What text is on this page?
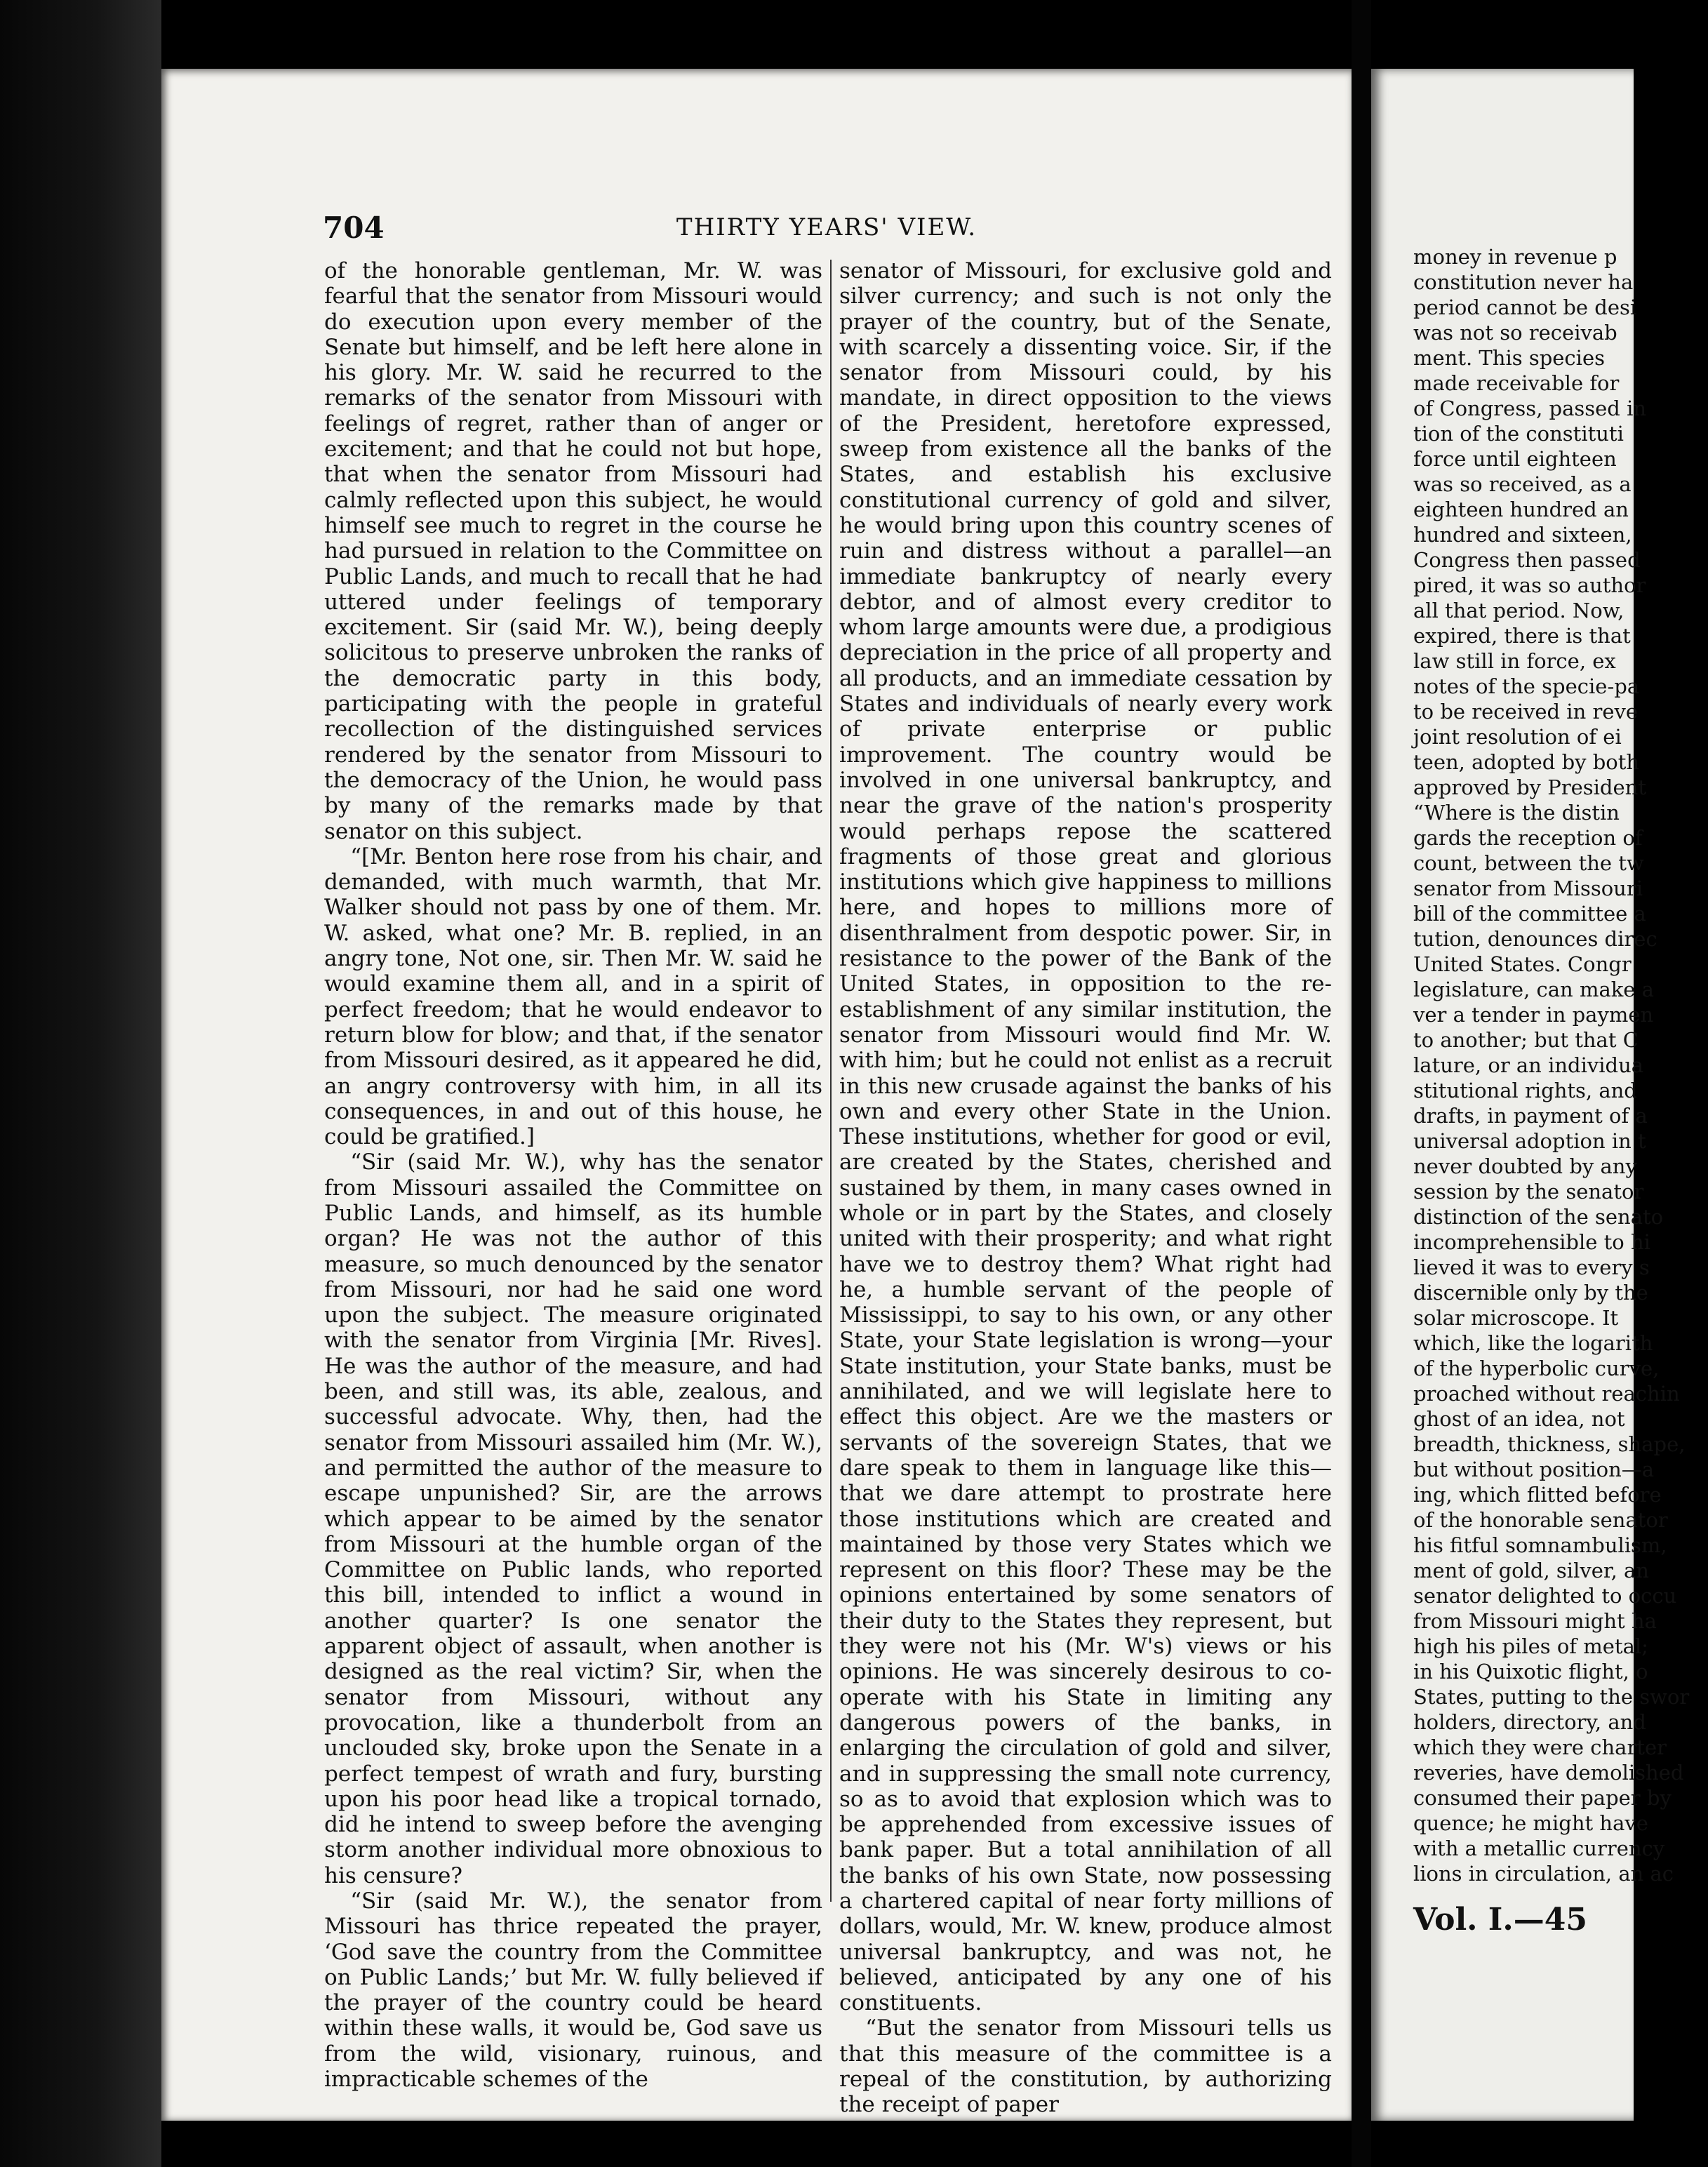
704	THIRTY YEARS' VIEW.

of the honorable gentleman, Mr. W. was fearful that the senator from Missouri would do execution upon every member of the Senate but himself, and be left here alone in his glory. Mr. W. said he recurred to the remarks of the senator from Missouri with feelings of regret, rather than of anger or excitement; and that he could not but hope, that when the senator from Missouri had calmly reflected upon this subject, he would himself see much to regret in the course he had pursued in relation to the Committee on Public Lands, and much to recall that he had uttered under feelings of temporary excitement. Sir (said Mr. W.), being deeply solicitous to preserve unbroken the ranks of the democratic party in this body, participating with the people in grateful recollection of the distinguished services rendered by the senator from Missouri to the democracy of the Union, he would pass by many of the remarks made by that senator on this subject.

“[Mr. Benton here rose from his chair, and demanded, with much warmth, that Mr. Walker should not pass by one of them. Mr. W. asked, what one? Mr. B. replied, in an angry tone, Not one, sir. Then Mr. W. said he would examine them all, and in a spirit of perfect freedom; that he would endeavor to return blow for blow; and that, if the senator from Missouri desired, as it appeared he did, an angry controversy with him, in all its consequences, in and out of this house, he could be gratified.]

“Sir (said Mr. W.), why has the senator from Missouri assailed the Committee on Public Lands, and himself, as its humble organ? He was not the author of this measure, so much denounced by the senator from Missouri, nor had he said one word upon the subject. The measure originated with the senator from Virginia [Mr. Rives]. He was the author of the measure, and had been, and still was, its able, zealous, and successful advocate. Why, then, had the senator from Missouri assailed him (Mr. W.), and permitted the author of the measure to escape unpunished? Sir, are the arrows which appear to be aimed by the senator from Missouri at the humble organ of the Committee on Public lands, who reported this bill, intended to inflict a wound in another quarter? Is one senator the apparent object of assault, when another is designed as the real victim? Sir, when the senator from Missouri, without any provocation, like a thunderbolt from an unclouded sky, broke upon the Senate in a perfect tempest of wrath and fury, bursting upon his poor head like a tropical tornado, did he intend to sweep before the avenging storm another individual more obnoxious to his censure?

“Sir (said Mr. W.), the senator from Missouri has thrice repeated the prayer, ‘God save the country from the Committee on Public Lands;’ but Mr. W. fully believed if the prayer of the country could be heard within these walls, it would be, God save us from the wild, visionary, ruinous, and impracticable schemes of the

senator of Missouri, for exclusive gold and silver currency; and such is not only the prayer of the country, but of the Senate, with scarcely a dissenting voice. Sir, if the senator from Missouri could, by his mandate, in direct opposition to the views of the President, heretofore expressed, sweep from existence all the banks of the States, and establish his exclusive constitutional currency of gold and silver, he would bring upon this country scenes of ruin and distress without a parallel—an immediate bankruptcy of nearly every debtor, and of almost every creditor to whom large amounts were due, a prodigious depreciation in the price of all property and all products, and an immediate cessation by States and individuals of nearly every work of private enterprise or public improvement. The country would be involved in one universal bankruptcy, and near the grave of the nation's prosperity would perhaps repose the scattered fragments of those great and glorious institutions which give happiness to millions here, and hopes to millions more of disenthralment from despotic power. Sir, in resistance to the power of the Bank of the United States, in opposition to the re-establishment of any similar institution, the senator from Missouri would find Mr. W. with him; but he could not enlist as a recruit in this new crusade against the banks of his own and every other State in the Union. These institutions, whether for good or evil, are created by the States, cherished and sustained by them, in many cases owned in whole or in part by the States, and closely united with their prosperity; and what right have we to destroy them? What right had he, a humble servant of the people of Mississippi, to say to his own, or any other State, your State legislation is wrong—your State institution, your State banks, must be annihilated, and we will legislate here to effect this object. Are we the masters or servants of the sovereign States, that we dare speak to them in language like this—that we dare attempt to prostrate here those institutions which are created and maintained by those very States which we represent on this floor? These may be the opinions entertained by some senators of their duty to the States they represent, but they were not his (Mr. W's) views or his opinions. He was sincerely desirous to co-operate with his State in limiting any dangerous powers of the banks, in enlarging the circulation of gold and silver, and in suppressing the small note currency, so as to avoid that explosion which was to be apprehended from excessive issues of bank paper. But a total annihilation of all the banks of his own State, now possessing a chartered capital of near forty millions of dollars, would, Mr. W. knew, produce almost universal bankruptcy, and was not, he believed, anticipated by any one of his constituents.

“But the senator from Missouri tells us that this measure of the committee is a repeal of the constitution, by authorizing the receipt of paper

money in revenue p
constitution never ha
period cannot be desi
was not so receivab
ment. This species
made receivable for
of Congress, passed in
tion of the constituti
force until eighteen
was so received, as a
eighteen hundred an
hundred and sixteen,
Congress then passed
pired, it was so author
all that period. Now,
expired, there is that
law still in force, ex
notes of the specie-pa
to be received in reve
joint resolution of ei
teen, adopted by both
approved by President
“Where is the distin
gards the reception of
count, between the tw
senator from Missouri
bill of the committee a
tution, denounces direc
United States. Congr
legislature, can make a
ver a tender in paymen
to another; but that C
lature, or an individua
stitutional rights, and
drafts, in payment of a
universal adoption in t
never doubted by any
session by the senator
distinction of the senato
incomprehensible to hi
lieved it was to every s
discernible only by the
solar microscope. It
which, like the logarith
of the hyperbolic curve,
proached without reachin
ghost of an idea, not
breadth, thickness, shape,
but without position—a
ing, which flitted before
of the honorable senator
his fitful somnambulism,
ment of gold, silver, an
senator delighted to occu
from Missouri might ha
high his piles of metal;
in his Quixotic flight, o
States, putting to the swor
holders, directory, and
which they were charter
reveries, have demolished
consumed their paper by
quence; he might have
with a metallic currency
lions in circulation, an ac
Vol. I.—45
